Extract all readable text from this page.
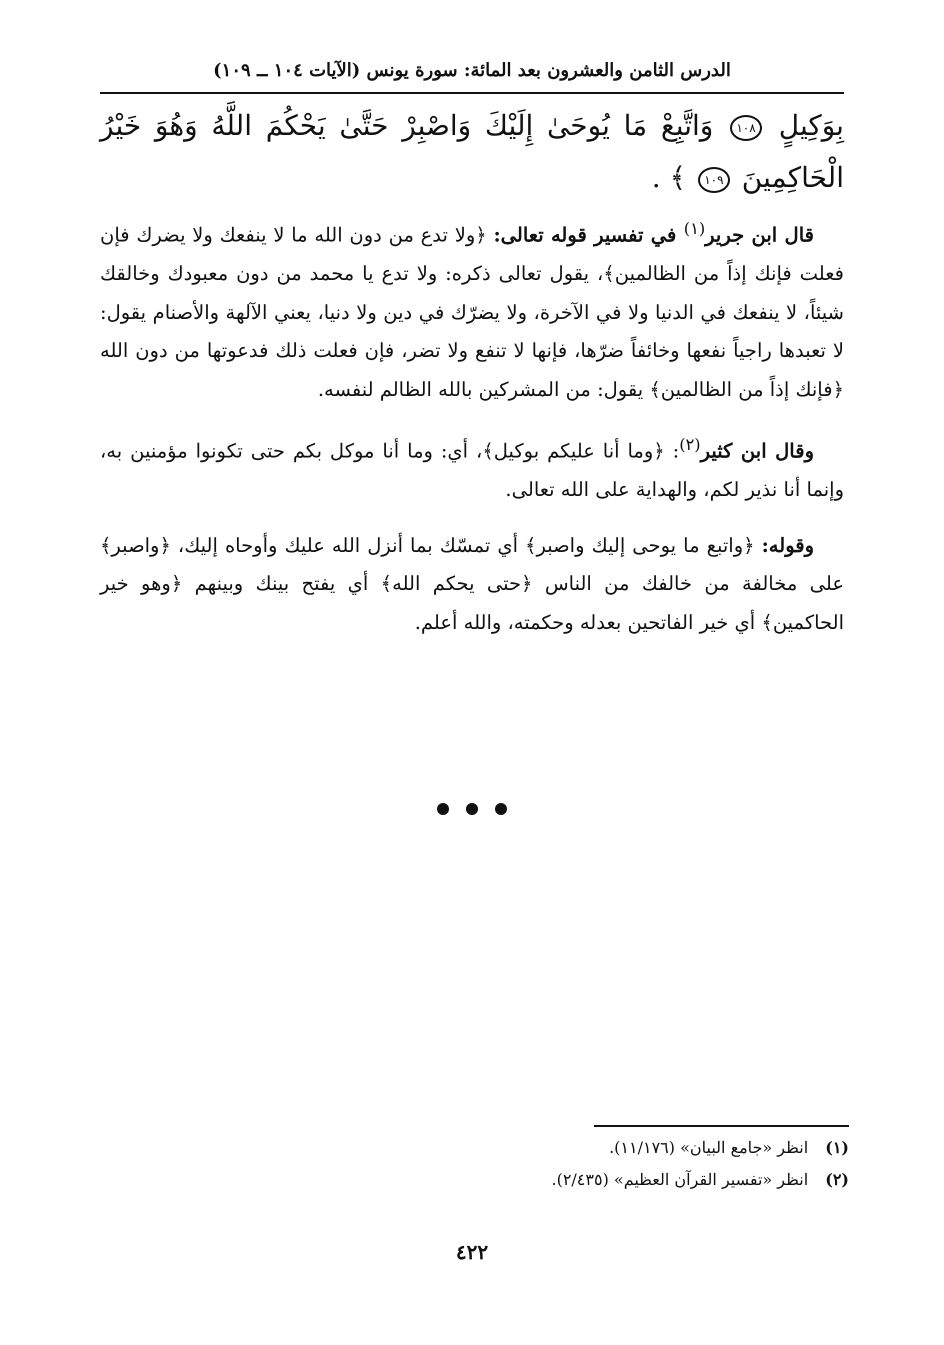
الدرس الثامن والعشرون بعد المائة: سورة يونس (الآيات ١٠٤ ــ ١٠٩)
بِوَكِيلٍ ١٠٨ وَاتَّبِعْ مَا يُوحَىٰ إِلَيْكَ وَاصْبِرْ حَتَّىٰ يَحْكُمَ اللَّهُ وَهُوَ خَيْرُ الْحَاكِمِينَ ١٠٩ ﴾ .

قال ابن جرير$^{(١)}$ في تفسير قوله تعالى: ﴿ولا تدع من دون الله ما لا ينفعك ولا يضرك فإن فعلت فإنك إذاً من الظالمين﴾، يقول تعالى ذكره: ولا تدع يا محمد من دون معبودك وخالقك شيئاً، لا ينفعك في الدنيا ولا في الآخرة، ولا يضرّك في دين ولا دنيا، يعني الآلهة والأصنام يقول: لا تعبدها راجياً نفعها وخائفاً ضرّها، فإنها لا تنفع ولا تضر، فإن فعلت ذلك فدعوتها من دون الله ﴿فإنك إذاً من الظالمين﴾ يقول: من المشركين بالله الظالم لنفسه.

وقال ابن كثير$^{(٢)}$: ﴿وما أنا عليكم بوكيل﴾، أي: وما أنا موكل بكم حتى تكونوا مؤمنين به، وإنما أنا نذير لكم، والهداية على الله تعالى.

وقوله: ﴿واتبع ما يوحى إليك واصبر﴾ أي تمسّك بما أنزل الله عليك وأوحاه إليك، ﴿واصبر﴾ على مخالفة من خالفك من الناس ﴿حتى يحكم الله﴾ أي يفتح بينك وبينهم ﴿وهو خير الحاكمين﴾ أي خير الفاتحين بعدله وحكمته، والله أعلم.

(١) انظر «جامع البيان» (١١/١٧٦).
(٢) انظر «تفسير القرآن العظيم» (٢/٤٣٥).
٤٢٢
